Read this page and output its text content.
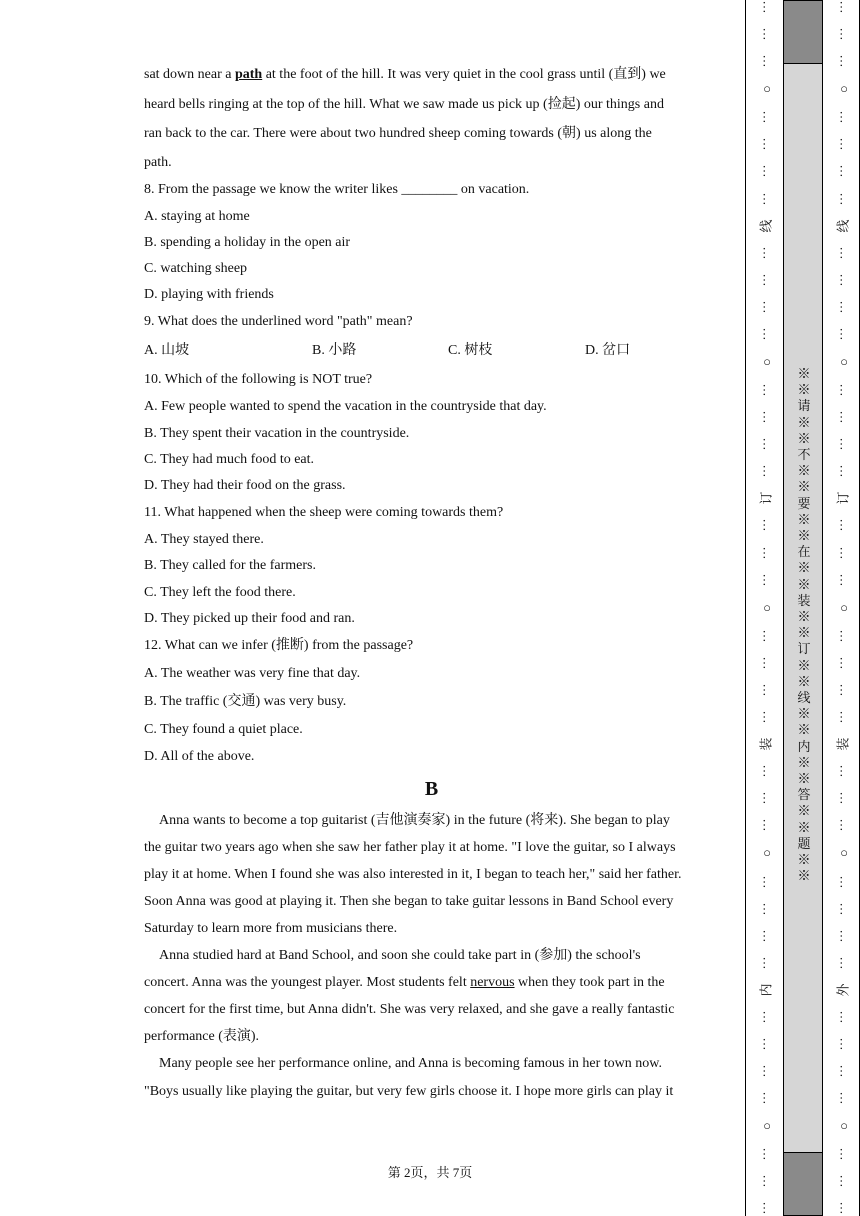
sat down near a path at the foot of the hill. It was very quiet in the cool grass until (直到) we

heard bells ringing at the top of the hill. What we saw made us pick up (捡起) our things and

ran back to the car. There were about two hundred sheep coming towards (朝) us along the

path.

8. From the passage we know the writer likes ________ on vacation.

A. staying at home

B. spending a holiday in the open air

C. watching sheep

D. playing with friends

9. What does the underlined word "path" mean?

A. 山坡	B. 小路	C. 树枝	D. 岔口

10. Which of the following is NOT true?

A. Few people wanted to spend the vacation in the countryside that day.

B. They spent their vacation in the countryside.

C. They had much food to eat.

D. They had their food on the grass.

11. What happened when the sheep were coming towards them?

A. They stayed there.

B. They called for the farmers.

C. They left the food there.

D. They picked up their food and ran.

12. What can we infer (推断) from the passage?

A. The weather was very fine that day.

B. The traffic (交通) was very busy.

C. They found a quiet place.

D. All of the above.

B

Anna wants to become a top guitarist (吉他演奏家) in the future (将来). She began to play

the guitar two years ago when she saw her father play it at home. "I love the guitar, so I always

play it at home. When I found she was also interested in it, I began to teach her," said her father.

Soon Anna was good at playing it. Then she began to take guitar lessons in Band School every

Saturday to learn more from musicians there.

Anna studied hard at Band School, and soon she could take part in (参加) the school's

concert. Anna was the youngest player. Most students felt nervous when they took part in the

concert for the first time, but Anna didn't. She was very relaxed, and she gave a really fantastic

performance (表演).

Many people see her performance online, and Anna is becoming famous in her town now.

"Boys usually like playing the guitar, but very few girls choose it. I hope more girls can play it

第 2页，共 7页
…
…
…
○
…
…
…
…
线
…
…
…
…
○
…
…
…
…
订
…
…
…
○
…
…
…
…
装
…
…
…
○
…
…
…
…
内
…
…
…
…
○
…
…
…
…
…
…
○
…
…
…
…
线
…
…
…
…
○
…
…
…
…
订
…
…
…
○
…
…
…
…
装
…
…
…
○
…
…
…
…
外
…
…
…
…
○
…
…
…
※※请※※不※※要※※在※※装※※订※※线※※内※※答※※题※※
